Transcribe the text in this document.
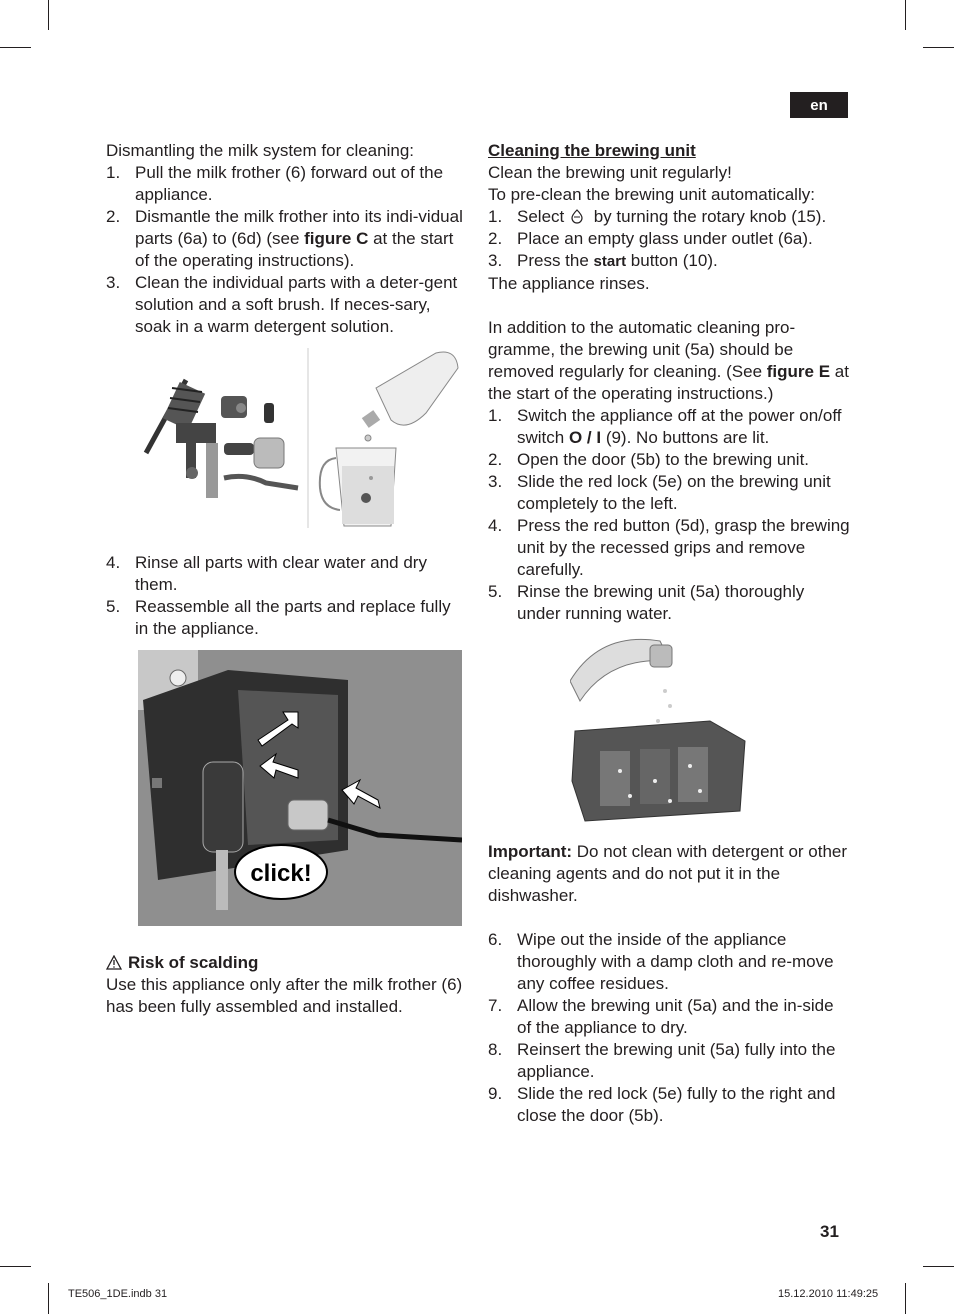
en

Dismantling the milk system for cleaning:

1. Pull the milk frother (6) forward out of the appliance.
2. Dismantle the milk frother into its indi-vidual parts (6a) to (6d) (see figure C at the start of the operating instructions).
3. Clean the individual parts with a deter-gent solution and a soft brush. If neces-sary, soak in a warm detergent solution.
4. Rinse all parts with clear water and dry them.
5. Reassemble all the parts and replace fully in the appliance.
click!

Risk of scalding

Use this appliance only after the milk frother (6) has been fully assembled and installed.

Cleaning the brewing unit

Clean the brewing unit regularly!

To pre-clean the brewing unit automatically:

1. Select  by turning the rotary knob (15).
2. Place an empty glass under outlet (6a).
3. Press the start button (10).

The appliance rinses.

In addition to the automatic cleaning pro-gramme, the brewing unit (5a) should be removed regularly for cleaning. (See figure E at the start of the operating instructions.)

1. Switch the appliance off at the power on/off switch O / I (9). No buttons are lit.
2. Open the door (5b) to the brewing unit.
3. Slide the red lock (5e) on the brewing unit completely to the left.
4. Press the red button (5d), grasp the brewing unit by the recessed grips and remove carefully.
5. Rinse the brewing unit (5a) thoroughly under running water.

Important: Do not clean with detergent or other cleaning agents and do not put it in the dishwasher.

6. Wipe out the inside of the appliance thoroughly with a damp cloth and re-move any coffee residues.
7. Allow the brewing unit (5a) and the in-side of the appliance to dry.
8. Reinsert the brewing unit (5a) fully into the appliance.
9. Slide the red lock (5e) fully to the right and close the door (5b).
31
TE506_1DE.indb 31	15.12.2010 11:49:25
